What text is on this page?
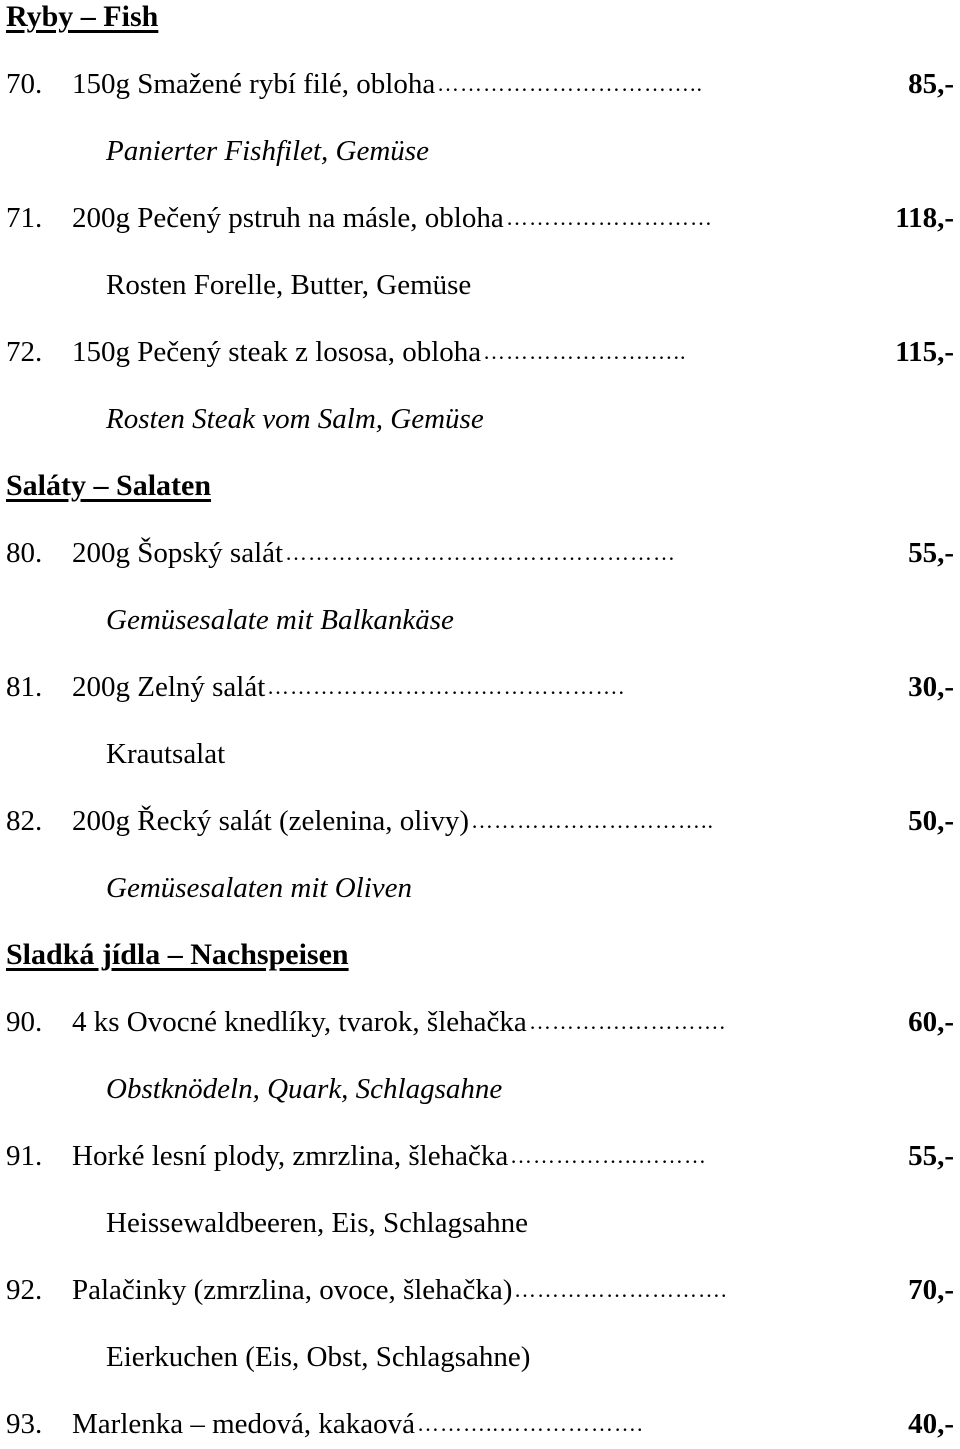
Ryby – Fish
70. 150g Smažené rybí filé, obloha ……………………………..	85,-
Panierter Fishfilet, Gemüse
71. 200g Pečený pstruh na másle, obloha ………………………	118,-
Rosten Forelle, Butter, Gemüse
72. 150g Pečený steak z lososa, obloha ………………….…..	115,-
Rosten Steak vom Salm, Gemüse
Saláty – Salaten
80. 200g Šopský salát ……………………………………………	55,-
Gemüsesalate mit Balkankäse
81. 200g Zelný salát ……………………….……………….	30,-
Krautsalat
82. 200g Řecký salát (zelenina, olivy) …………………………..	50,-
Gemüsesalaten mit Oliven
Sladká jídla – Nachspeisen
90. 4 ks Ovocné knedlíky, tvarok, šlehačka ………….………….	60,-
Obstknödeln, Quark, Schlagsahne
91. Horké lesní plody, zmrzlina, šlehačka ……………..………	55,-
Heissewaldbeeren, Eis, Schlagsahne
92. Palačinky (zmrzlina, ovoce, šlehačka) ……………………….	70,-
Eierkuchen (Eis, Obst, Schlagsahne)
93. Marlenka – medová, kakaová ………..……………….	40,-
